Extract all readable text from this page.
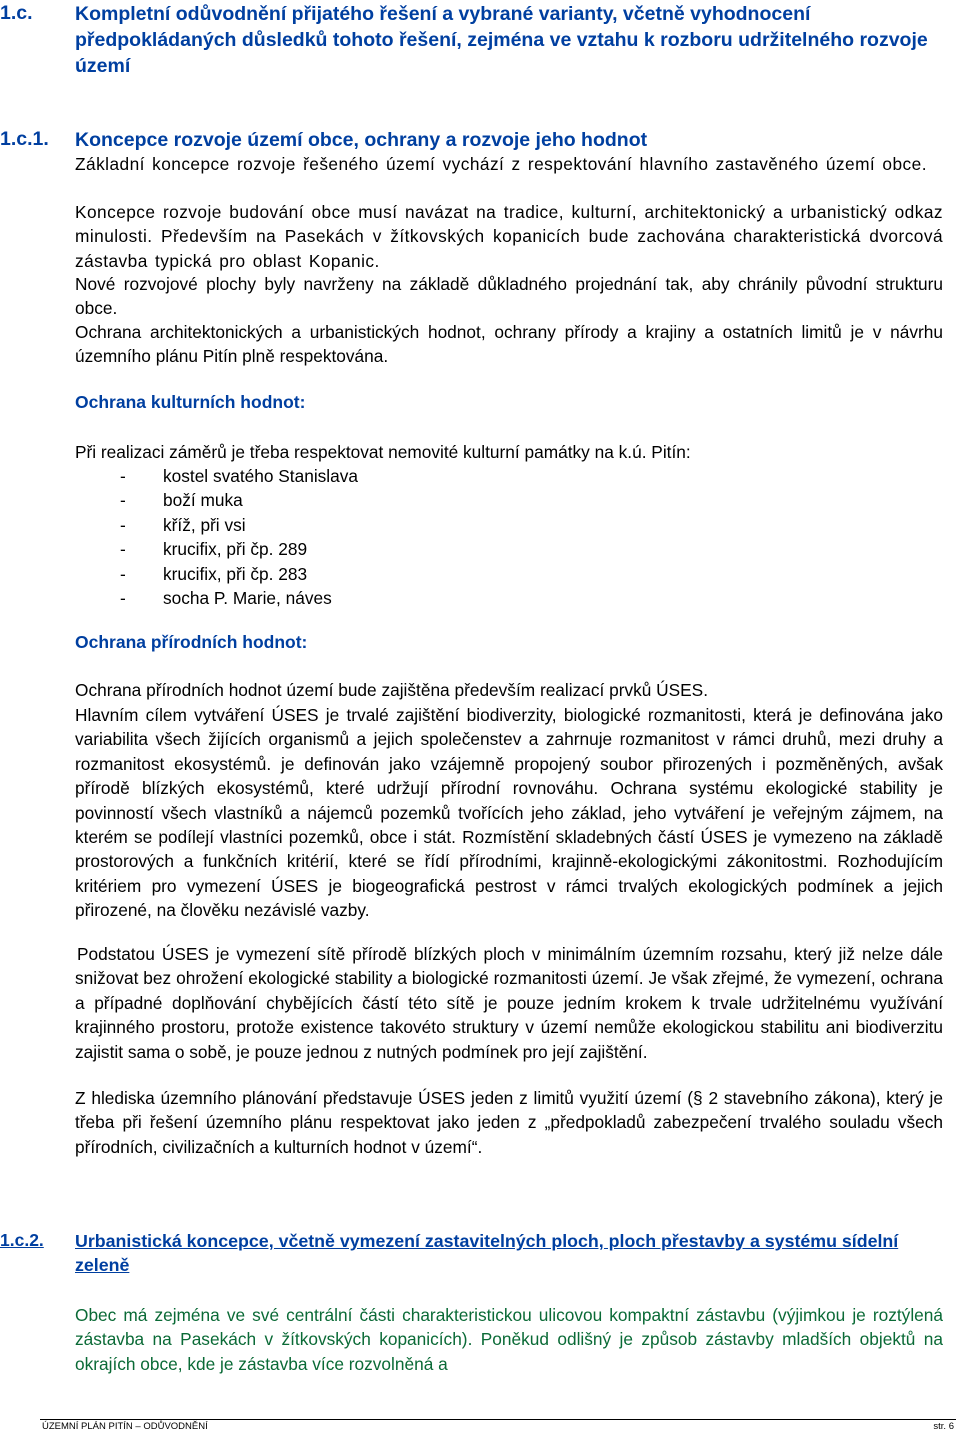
1.c. Kompletní odůvodnění přijatého řešení a vybrané varianty, včetně vyhodnocení předpokládaných důsledků tohoto řešení, zejména ve vztahu k rozboru udržitelného rozvoje území
1.c.1. Koncepce rozvoje území obce, ochrany a rozvoje jeho hodnot
Základní koncepce rozvoje řešeného území vychází z respektování hlavního zastavěného území obce.
Koncepce rozvoje budování obce musí navázat na tradice, kulturní, architektonický a urbanistický odkaz minulosti. Především na Pasekách v žítkovských kopanicích bude zachována charakteristická dvorcová zástavba typická pro oblast Kopanic.
Nové rozvojové plochy byly navrženy na základě důkladného projednání tak, aby chránily původní strukturu obce.
Ochrana architektonických a urbanistických hodnot, ochrany přírody a krajiny a ostatních limitů je v návrhu územního plánu Pitín plně respektována.
Ochrana kulturních hodnot:
Při realizaci záměrů je třeba respektovat nemovité kulturní památky na k.ú. Pitín:
- kostel svatého Stanislava
- boží muka
- kříž, při vsi
- krucifix, při čp. 289
- krucifix, při čp. 283
- socha P. Marie, náves
Ochrana přírodních hodnot:
Ochrana přírodních hodnot území bude zajištěna především realizací prvků ÚSES.
Hlavním cílem vytváření ÚSES je trvalé zajištění biodiverzity, biologické rozmanitosti, která je definována jako variabilita všech žijících organismů a jejich společenstev a zahrnuje rozmanitost v rámci druhů, mezi druhy a rozmanitost ekosystémů. je definován jako vzájemně propojený soubor přirozených i pozměněných, avšak přírodě blízkých ekosystémů, které udržují přírodní rovnováhu. Ochrana systému ekologické stability je povinností všech vlastníků a nájemců pozemků tvořících jeho základ, jeho vytváření je veřejným zájmem, na kterém se podílejí vlastníci pozemků, obce i stát. Rozmístění skladebných částí ÚSES je vymezeno na základě prostorových a funkčních kritérií, které se řídí přírodními, krajinně-ekologickými zákonitostmi. Rozhodujícím kritériem pro vymezení ÚSES je biogeografická pestrost v rámci trvalých ekologických podmínek a jejich přirozené, na člověku nezávislé vazby.
Podstatou ÚSES je vymezení sítě přírodě blízkých ploch v minimálním územním rozsahu, který již nelze dále snižovat bez ohrožení ekologické stability a biologické rozmanitosti území. Je však zřejmé, že vymezení, ochrana a případné doplňování chybějících částí této sítě je pouze jedním krokem k trvale udržitelnému využívání krajinného prostoru, protože existence takovéto struktury v území nemůže ekologickou stabilitu ani biodiverzitu zajistit sama o sobě, je pouze jednou z nutných podmínek pro její zajištění.
Z hlediska územního plánování představuje ÚSES jeden z limitů využití území (§ 2 stavebního zákona), který je třeba při řešení územního plánu respektovat jako jeden z „předpokladů zabezpečení trvalého souladu všech přírodních, civilizačních a kulturních hodnot v území“.
1.c.2. Urbanistická koncepce, včetně vymezení zastavitelných ploch, ploch přestavby a systému sídelní zeleně
Obec má zejména ve své centrální části charakteristickou ulicovou kompaktní zástavbu (výjimkou je roztýlená zástavba na Pasekách v žítkovských kopanicích). Poněkud odlišný je způsob zástavby mladších objektů na okrajích obce, kde je zástavba více rozvolněná a
ÚZEMNÍ PLÁN PITÍN – ODŮVODNĚNÍ	str. 6
